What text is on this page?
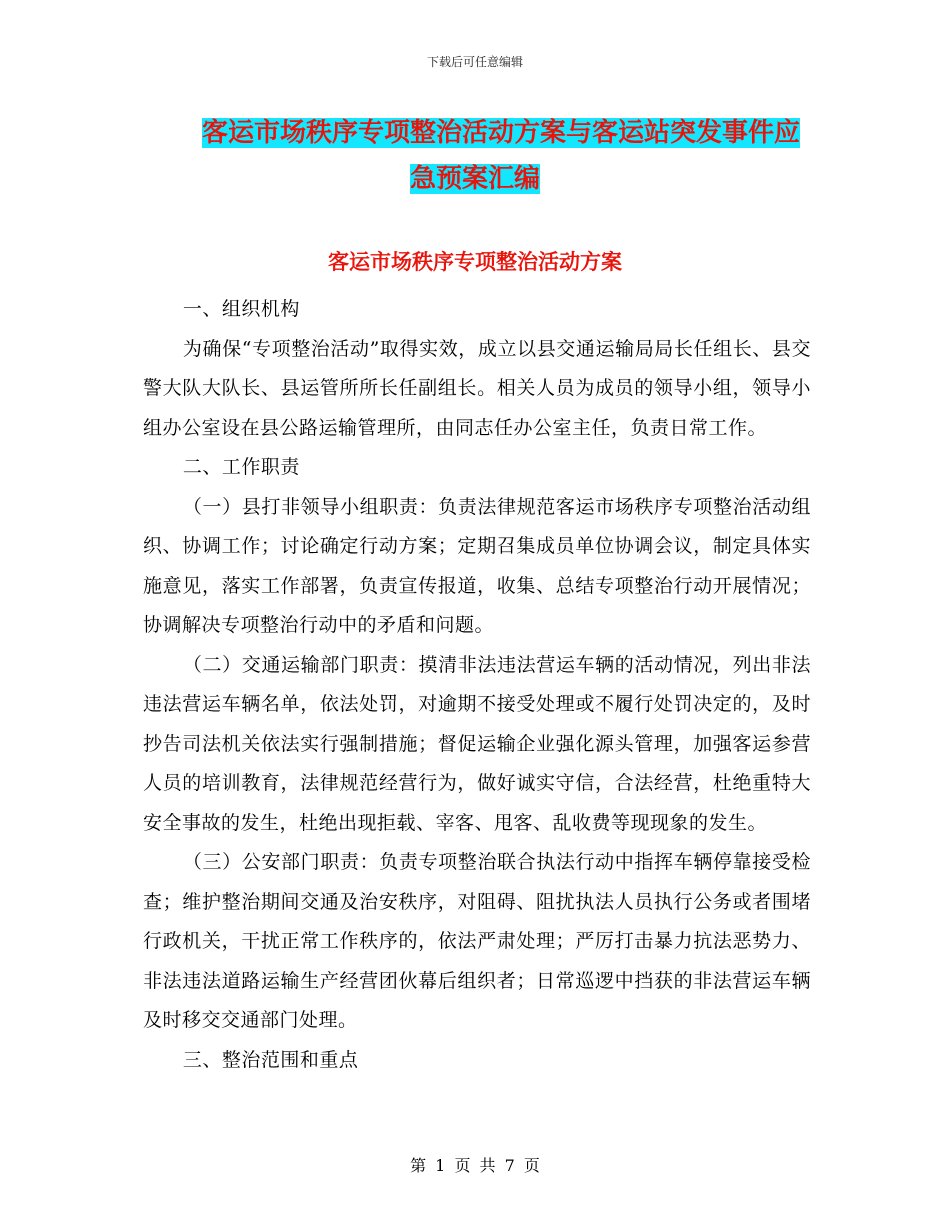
下载后可任意编辑
客运市场秩序专项整治活动方案与客运站突发事件应
急预案汇编
客运市场秩序专项整治活动方案

一、组织机构

为确保“专项整治活动”取得实效，成立以县交通运输局局长任组长、县交警大队大队长、县运管所所长任副组长。相关人员为成员的领导小组，领导小组办公室设在县公路运输管理所，由同志任办公室主任，负责日常工作。

二、工作职责

（一）县打非领导小组职责：负责法律规范客运市场秩序专项整治活动组织、协调工作；讨论确定行动方案；定期召集成员单位协调会议，制定具体实施意见，落实工作部署，负责宣传报道，收集、总结专项整治行动开展情况；协调解决专项整治行动中的矛盾和问题。

（二）交通运输部门职责：摸清非法违法营运车辆的活动情况，列出非法违法营运车辆名单，依法处罚，对逾期不接受处理或不履行处罚决定的，及时抄告司法机关依法实行强制措施；督促运输企业强化源头管理，加强客运参营人员的培训教育，法律规范经营行为，做好诚实守信，合法经营，杜绝重特大安全事故的发生，杜绝出现拒载、宰客、甩客、乱收费等现现象的发生。

（三）公安部门职责：负责专项整治联合执法行动中指挥车辆停靠接受检查；维护整治期间交通及治安秩序，对阻碍、阻扰执法人员执行公务或者围堵行政机关，干扰正常工作秩序的，依法严肃处理；严厉打击暴力抗法恶势力、非法违法道路运输生产经营团伙幕后组织者；日常巡逻中挡获的非法营运车辆及时移交交通部门处理。

三、整治范围和重点

第 1 页 共 7 页
